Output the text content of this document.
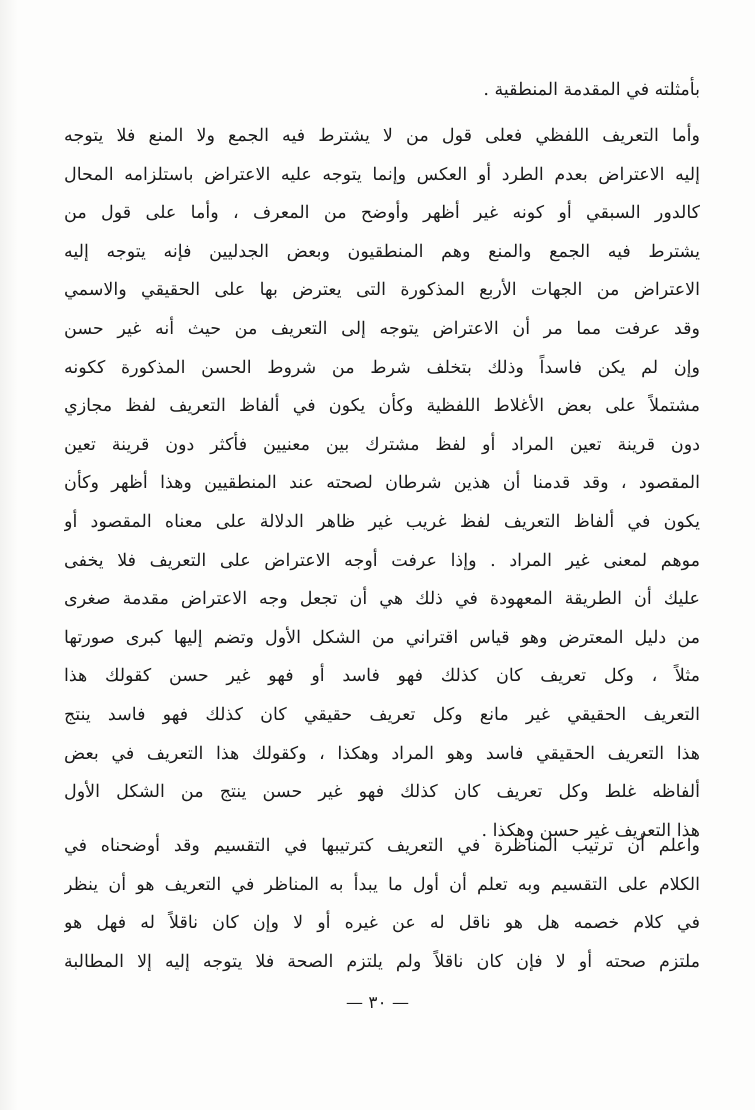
بأمثلته في المقدمة المنطقية .
وأما التعريف اللفظي فعلى قول من لا يشترط فيه الجمع ولا المنع فلا يتوجه
إليه الاعتراض بعدم الطرد أو العكس وإنما يتوجه عليه الاعتراض باستلزامه المحال
كالدور السبقي أو كونه غير أظهر وأوضح من المعرف ، وأما على قول من
يشترط فيه الجمع والمنع وهم المنطقيون وبعض الجدليين فإنه يتوجه إليه
الاعتراض من الجهات الأربع المذكورة التى يعترض بها على الحقيقي والاسمي
وقد عرفت مما مر أن الاعتراض يتوجه إلى التعريف من حيث أنه غير حسن
وإن لم يكن فاسداً وذلك بتخلف شرط من شروط الحسن المذكورة ككونه
مشتملاً على بعض الأغلاط اللفظية وكأن يكون في ألفاظ التعريف لفظ مجازي
دون قرينة تعين المراد أو لفظ مشترك بين معنيين فأكثر دون قرينة تعين
المقصود ، وقد قدمنا أن هذين شرطان لصحته عند المنطقيين وهذا أظهر وكأن
يكون في ألفاظ التعريف لفظ غريب غير ظاهر الدلالة على معناه المقصود أو
موهم لمعنى غير المراد . وإذا عرفت أوجه الاعتراض على التعريف فلا يخفى
عليك أن الطريقة المعهودة في ذلك هي أن تجعل وجه الاعتراض مقدمة صغرى
من دليل المعترض وهو قياس اقتراني من الشكل الأول وتضم إليها كبرى صورتها
مثلاً ، وكل تعريف كان كذلك فهو فاسد أو فهو غير حسن كقولك هذا
التعريف الحقيقي غير مانع وكل تعريف حقيقي كان كذلك فهو فاسد ينتج
هذا التعريف الحقيقي فاسد وهو المراد وهكذا ، وكقولك هذا التعريف في بعض
ألفاظه غلط وكل تعريف كان كذلك فهو غير حسن ينتج من الشكل الأول
هذا التعريف غير حسن وهكذا .
واعلم أن ترتيب المناظرة في التعريف كترتيبها في التقسيم وقد أوضحناه في
الكلام على التقسيم وبه تعلم أن أول ما يبدأ به المناظر في التعريف هو أن ينظر
في كلام خصمه هل هو ناقل له عن غيره أو لا وإن كان ناقلاً له فهل هو
ملتزم صحته أو لا فإن كان ناقلاً ولم يلتزم الصحة فلا يتوجه إليه إلا المطالبة
— ٣٠ —
